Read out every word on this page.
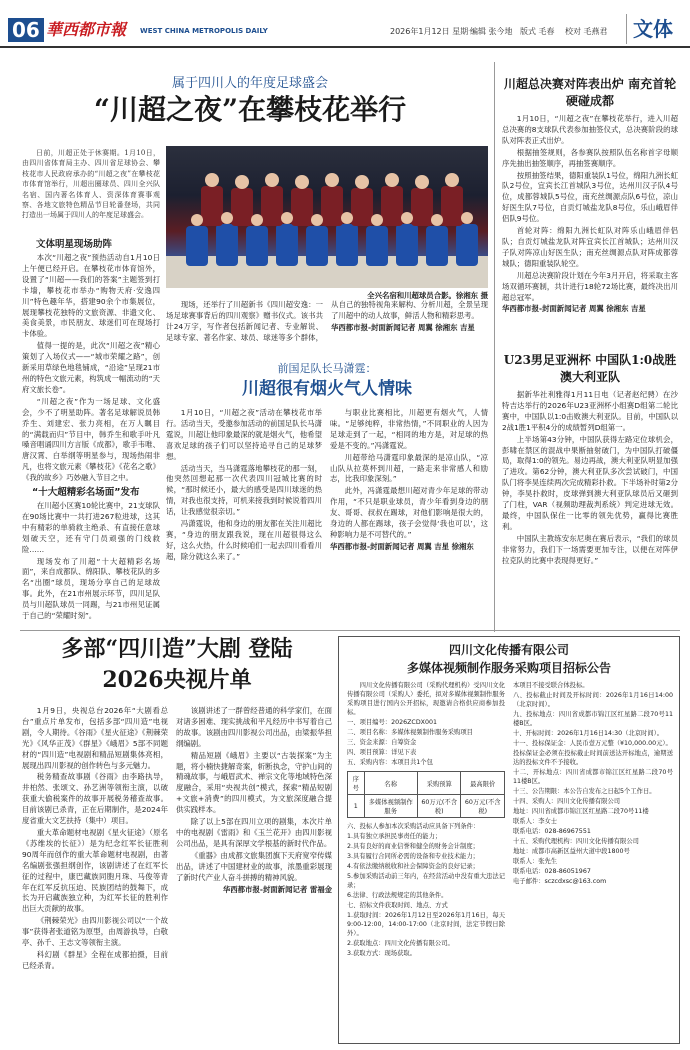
06 華西都市報 WEST CHINA METROPOLIS DAILY	2026年1月12日 星期一
编辑 张今地 版式 毛春 校对 毛燕君	文体
属于四川人的年度足球盛会
“川超之夜”在攀枝花举行
日前，川超正处于休赛期。1月10日，由四川省体育局主办、四川省足球协会、攀枝花市人民政府承办的“川超之夜”在攀枝花市体育馆举行，川超出圈球员、四川全兴队名宿、国内著名体育人、资深体育赛事观察、各地文旅特色精品节目轮番登场，共同打造出一场属于四川人的年度足球盛会。
全兴名宿和川超球员合影。徐湘东 摄
文体明星现场助阵
本次“川超之夜”预热活动自1月10日上午便已经开启。在攀枝花市体育馆外，设置了“川超——我们的答案”主题签到打卡墙，攀枝花市举办“购物天府·安逸四川”特色趣年华，搭建90余个市集展位，展现攀枝花独特的文旅资源、非遗文化、美食美景，市民朋友、球迷们可在现场打卡体验。
值得一提的是，此次“川超之夜”精心策划了入场仪式——“城市荣耀之路”，创新采用草绿色地毯铺成，“沿途”呈现21市州的特色文旅元素，构筑成一幅流动的“天府文旅长卷”。
“川超之夜”作为一场足球、文化盛会，少不了明星助阵。著名足球解说员韩乔生、刘建宏、张力亮相，在万人瞩目的“满载而归”节目中，韩乔生和歌手叶凡嗓音唱诵四川方言版《成都》，歌手韦唯、唐汉霄、白举纲等明星参与，现场热闹非凡，也将文旅元素《攀枝花》《花名之歌》《我的故乡》巧妙融入节目之中。
“十大超精彩名场面”发布
在川超小区赛10轮比赛中，21支球队在90场比赛中一共打进267粒进球，这其中有精彩的单骑救主绝杀、有直接任意球划破天空，还有守门员顽强的门线救险……
现场发布了川超“十大超精彩名场面”，来自成都队、绵阳队、攀枝花队的多名“出圈”球员，现场分享自己的足球故事。此外，在21市州展示环节，四川足队员与川超队球员一同踢，与21市州见证属于自己的“荣耀时刻”。
现场，还举行了川超新书《四川超安逸：一场足球赛事背后的四川观察》赠书仪式。该书共计24万字，写作者包括新闻记者、专业解说、足球专家、著名作家、球员、球迷等多个群体，从自己的独特视角来解构、分析川超，全景呈现了川超中的动人故事，鲜活人物和精彩思考。
华西都市报-封面新闻记者 周翼 徐湘东 吉星
前国足队长马潇霆：
川超很有烟火气人情味
1月10日，“川超之夜”活动在攀枝花市举行。活动当天，受邀参加活动的前国足队长马潇霆说，川超让他印象最深的就是烟火气，他希望喜欢足球的孩子们可以坚持追寻自己的足球梦想。
活动当天，当马潇霆落地攀枝花的那一刻，他突然回想起那一次代表四川冠城比赛的时候，“那时候还小，最大的感受是四川球迷的热情，对我也很支持，可机来接我到时候说着四川话，让我感觉很亲切。”
冯潇霆说，他和身边的朋友都在关注川超比赛，“身边的朋友跟我说，现在川超很得这么好，这么火热，什么时候咱们一起去四川看看川超，除分就这么来了。”
与职业比赛相比，川超更有烟火气，人情味。“足够纯粹，非常热情，”不同职业的人因为足球走到了一起，“相同的地方是，对足球的热爱是不变的。”冯潇霆说。
川超带给马潇霆印象最深的是凉山队，“凉山队从拉莫杯到川超，一路走来非常感人和励志，比我印象深刻。”
此外，冯潇霆最想川超对青少年足球的带动作用，“不只是职业球员，青少年看到身边的朋友、哥哥、叔叔在踢球，对他们影响是很大的，身边的人都在踢球，孩子会觉得‘我也可以’，这种影响力是不可替代的。”
华西都市报-封面新闻记者 周翼 吉星 徐湘东
川超总决赛对阵表出炉 南充首轮硬碰成都
1月10日，“川超之夜”在攀枝花举行，进入川超总决赛的8支球队代表参加抽签仪式，总决赛阶段的球队对阵表正式出炉。
根据抽签规则，各参赛队按照队伍名称首字母顺序先抽出抽签顺序，再抽签赛顺序。
按照抽签结果，德阳重装队1号位，绵阳九洲长虹队2号位，宜宾长江首城队3号位，达州川汉子队4号位，成都蓉城队5号位，南充丝绸源点队6号位，凉山好医生队7号位，自贡灯城盐龙队8号位，乐山峨眉伴侣队9号位。
首轮对阵：绵阳九洲长虹队对阵乐山峨眉伴侣队；自贡灯城盐龙队对阵宜宾长江首城队；达州川汉子队对阵凉山好医生队；南充丝绸源点队对阵成都蓉城队；德阳重装队轮空。
川超总决赛阶段计划在今年3月开启，将采取主客场双循环赛制，共计进行18轮72场比赛，最终决出川超总冠军。
华西都市报-封面新闻记者 周翼 徐湘东 吉星
U23男足亚洲杯 中国队1:0战胜澳大利亚队
据新华社利雅得1月11日电（记者赵纪骋）在沙特吉达举行的2026年U23亚洲杯小组赛D组第二轮比赛中，中国队以1:0击败澳大利亚队。目前，中国队以2战1胜1平积4分的成绩暂列D组第一。
上半场第43分钟，中国队获得左路定位球机会，彭啸在禁区的混战中果断抽射破门，为中国队打破僵局，取得1:0的领先。易边再战，澳大利亚队明显加强了进攻。第62分钟，澳大利亚队多次尝试破门，中国队门将李昊连续两次完成精彩扑救。下半场补时第2分钟，李昊扑救时，皮球弹到澳大利亚队球员后又砸到了门柱，VAR（视频助理裁判系统）判定进球无效。最终，中国队保住一比零的领先优势，赢得比赛胜利。
中国队主教练安东尼奥在赛后表示，“我们的球员非常努力，我们下一场需要更加专注，以便在对阵伊拉克队的比赛中表现得更好。”
多部“四川造”大剧 登陆2026央视片单
1月9日，央视总台2026年“大剧看总台”重点片单发布，包括多部“四川造”电视剧，令人期待。《谷雨》《星火征途》《荆棘荣光》《风华正茂》《群星》《峨眉》5部不同题材的“四川造”电视剧和精品短剧集体亮相，展现出四川影视的创作转色与多元魅力。
税务精查故事剧《谷雨》由李路执导，井柏然、张颂文、孙艺洲等领衔主演，以破获重大偷税案件的故事开展税务稽查故事。目前该剧已杀青，正在后期制作，是2024年度省重大文艺扶持（集中）项目。
重大革命题材电视剧《星火征途》（原名《苏维埃的长征》）是为纪念红军长征胜利90周年而创作的重大革命题材电视剧，由著名编剧张强担纲创作，该剧讲述了在红军长征的过程中，康巴藏族同胞月珠、马俊等青年在红军反抗压迫、民族团结的鼓舞下，成长为开启藏族独立种，为红军长征的胜利作出巨大贡献的故事。
《荆棘荣光》由四川影视公司以“一个故事”获得者张道铭为原型，由周游执导，白敬亭、孙千、王志文等领衔主演。
科幻剧《群星》全程在成都拍摄，目前已经杀青。
该剧讲述了一群曾经普通的科学家们，在面对诸多困难、现实挑战和平凡经历中书写着自己的故事。该剧由四川影视公司出品，由梁振华担纲编剧。
精品短剧《峨眉》主要以“古装探案”为主题，将小楠快捷解奇案，斩断执念，守护山间的精魂故事，与峨眉武术、禅宗文化等地域特色深度融合，采用“央视共创”模式，探索“精品短剧+文旅+消费”的四川模式，为文旅深度融合提供实践样本。
除了以上5部在四川立项的剧集，本次片单中的电视剧《雷雨》和《玉兰花开》由四川影视公司出品，是具有深厚文学根基的新时代作品。
《重器》由成都文旅集团旗下天府宽窄传媒出品，讲述了中国建材业的故事，浓墨重彩展现了新时代产业人奋斗拼搏的精神风貌。
华西都市报-封面新闻记者 雷福金
四川文化传播有限公司
多媒体视频制作服务采购项目招标公告
四川文化传播有限公司（采购代理机构）受四川文化传播有限公司（采购人）委托，拟对多媒体视频制作服务采购项目进行国内公开招标，现邀请合格供应商参加投标。
一、项目编号：2026ZCDX001
二、项目名称：多媒体视频制作服务采购项目
三、资金来源：自筹资金
四、项目预算：详见下表
五、采购内容：本项目共1个包
序号	名称	采购预算	最高限价
1	多媒体视频制作服务	60万元(不含税)	60万元(不含税)
六、投标人参加本次采购活动应具备下列条件：
1.具有独立承担民事责任的能力；
2.具有良好的商业信誉和健全的财务会计制度；
3.具有履行合同所必需的设备和专业技术能力；
4.有依法缴纳税收和社会保障资金的良好记录；
5.参加采购活动前三年内，在经营活动中没有重大违法记录；
6.法律、行政法规规定的其他条件。
七、招标文件获取时间、地点、方式
1.获取时间：2026年1月12日至2026年1月16日，每天9:00-12:00，14:00-17:00（北京时间，法定节假日除外）。
2.获取地点：四川文化传播有限公司。
3.获取方式：现场获取。
本项目不接受联合体投标。
八、投标截止时间及开标时间：2026年1月16日14:00（北京时间）。
九、投标地点：四川省成都市锦江区红星路二段70号11楼B区。
十、开标时间：2026年1月16日14:30（北京时间）。
十一、投标保证金：人民币壹万元整（¥10,000.00元）。
投标保证金必须在投标截止时间前送达开标地点，逾期送达的投标文件不予接收。
十二、开标地点：四川省成都市锦江区红星路二段70号11楼B区。
十三、公告期限：本公告自发布之日起5个工作日。
十四、采购人：四川文化传播有限公司
地址：四川省成都市锦江区红星路二段70号11楼
联系人：李女士
联系电话：028-86967551
十五、采购代理机构：四川文化传播有限公司
地址：成都市高新区益州大道中段1800号
联系人：张先生
联系电话：028-86051967
电子邮件：sczcdxsc@163.com
